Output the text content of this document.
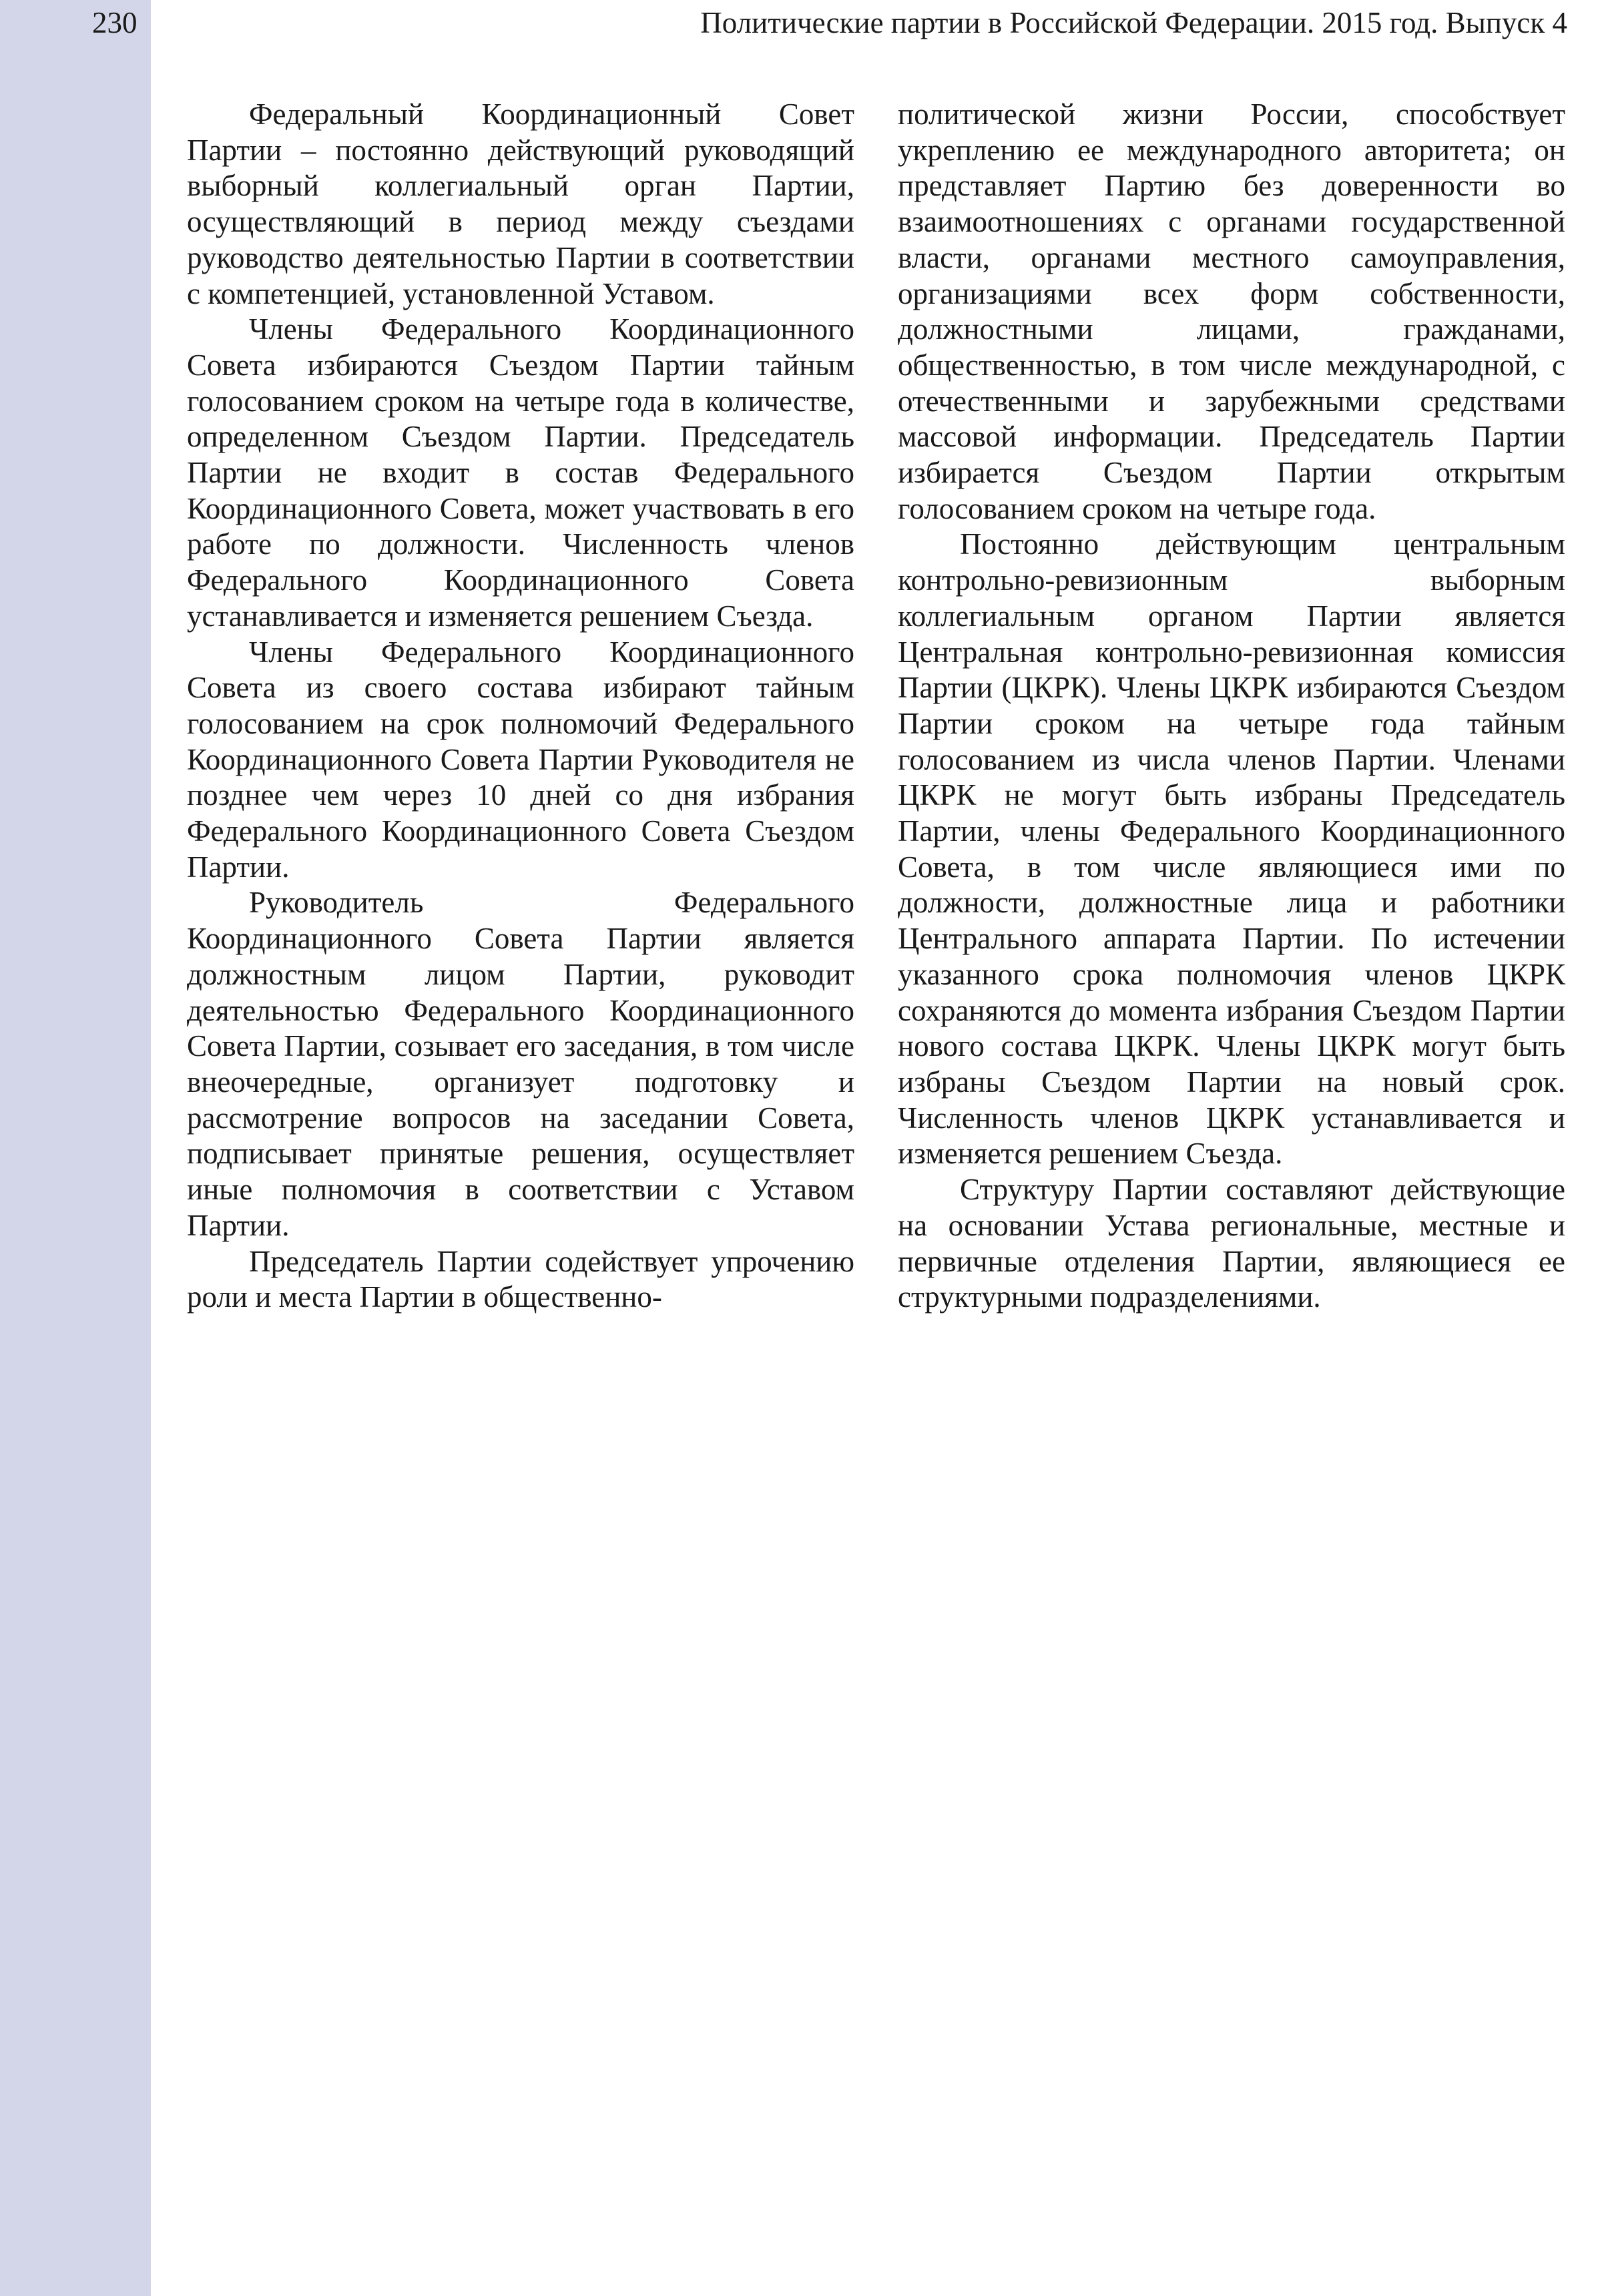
230	Политические партии в Российской Федерации. 2015 год. Выпуск 4

Федеральный Координационный Совет Партии – постоянно действующий руководящий выборный коллегиальный орган Партии, осуществляющий в период между съездами руководство деятельностью Партии в соответствии с компетенцией, установленной Уставом.

Члены Федерального Координационного Совета избираются Съездом Партии тайным голосованием сроком на четыре года в количестве, определенном Съездом Партии. Председатель Партии не входит в состав Федерального Координационного Совета, может участвовать в его работе по должности. Численность членов Федерального Координационного Совета устанавливается и изменяется решением Съезда.

Члены Федерального Координационного Совета из своего состава избирают тайным голосованием на срок полномочий Федерального Координационного Совета Партии Руководителя не позднее чем через 10 дней со дня избрания Федерального Координационного Совета Съездом Партии.

Руководитель Федерального Координационного Совета Партии является должностным лицом Партии, руководит деятельностью Федерального Координационного Совета Партии, созывает его заседания, в том числе внеочередные, организует подготовку и рассмотрение вопросов на заседании Совета, подписывает принятые решения, осуществляет иные полномочия в соответствии с Уставом Партии.

Председатель Партии содействует упрочению роли и места Партии в общественно-

политической жизни России, способствует укреплению ее международного авторитета; он представляет Партию без доверенности во взаимоотношениях с органами государственной власти, органами местного самоуправления, организациями всех форм собственности, должностными лицами, гражданами, общественностью, в том числе международной, с отечественными и зарубежными средствами массовой информации. Председатель Партии избирается Съездом Партии открытым голосованием сроком на четыре года.

Постоянно действующим центральным контрольно-ревизионным выборным коллегиальным органом Партии является Центральная контрольно-ревизионная комиссия Партии (ЦКРК). Члены ЦКРК избираются Съездом Партии сроком на четыре года тайным голосованием из числа членов Партии. Членами ЦКРК не могут быть избраны Председатель Партии, члены Федерального Координационного Совета, в том числе являющиеся ими по должности, должностные лица и работники Центрального аппарата Партии. По истечении указанного срока полномочия членов ЦКРК сохраняются до момента избрания Съездом Партии нового состава ЦКРК. Члены ЦКРК могут быть избраны Съездом Партии на новый срок. Численность членов ЦКРК устанавливается и изменяется решением Съезда.

Структуру Партии составляют действующие на основании Устава региональные, местные и первичные отделения Партии, являющиеся ее структурными подразделениями.
